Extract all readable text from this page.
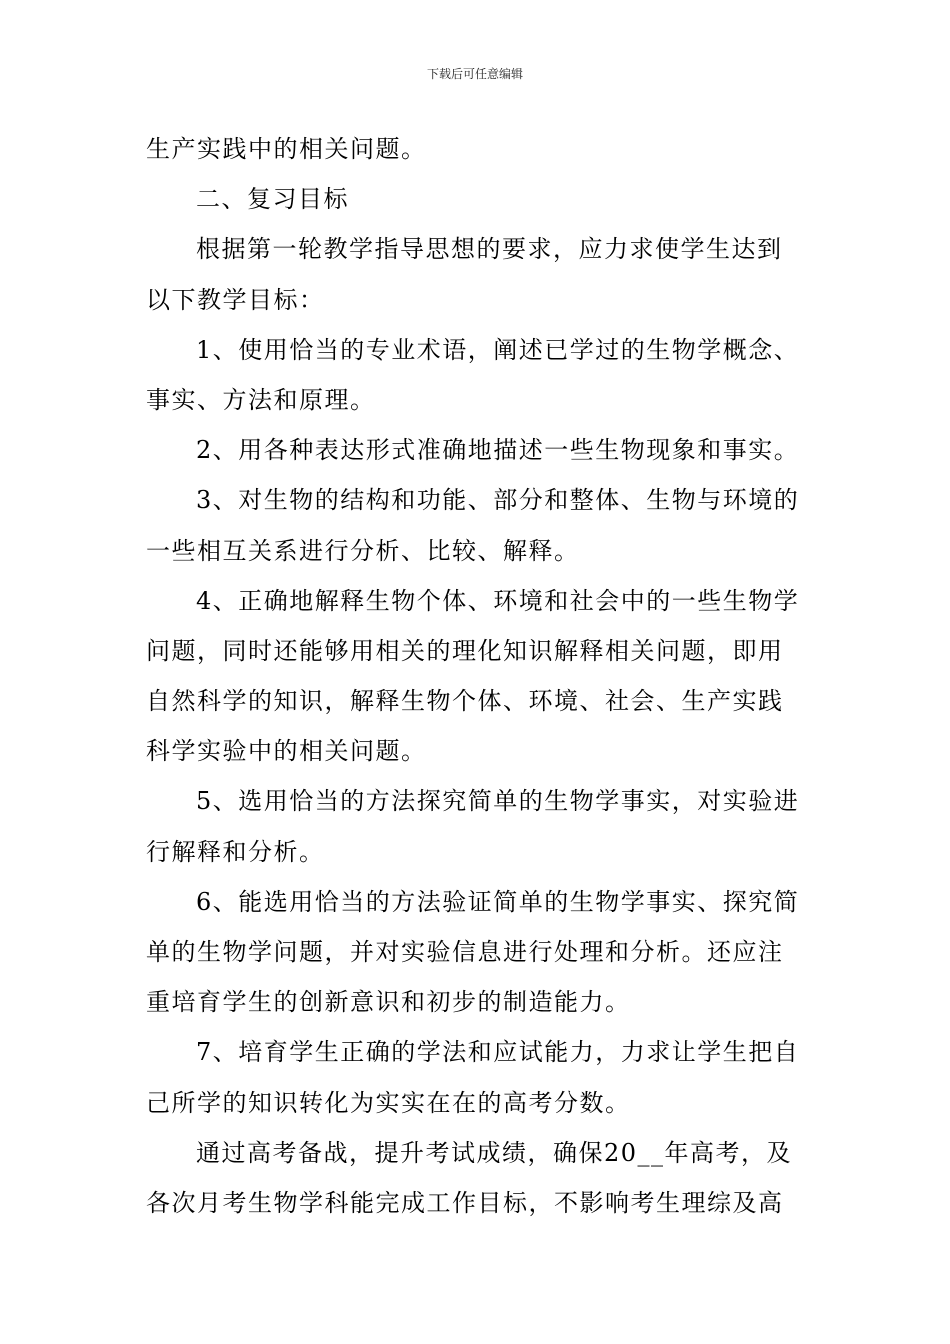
下载后可任意编辑
生产实践中的相关问题。
二、复习目标
根据第一轮教学指导思想的要求，应力求使学生达到
以下教学目标：
1、使用恰当的专业术语，阐述已学过的生物学概念、
事实、方法和原理。
2、用各种表达形式准确地描述一些生物现象和事实。
3、对生物的结构和功能、部分和整体、生物与环境的
一些相互关系进行分析、比较、解释。
4、正确地解释生物个体、环境和社会中的一些生物学
问题，同时还能够用相关的理化知识解释相关问题，即用
自然科学的知识，解释生物个体、环境、社会、生产实践
科学实验中的相关问题。
5、选用恰当的方法探究简单的生物学事实，对实验进
行解释和分析。
6、能选用恰当的方法验证简单的生物学事实、探究简
单的生物学问题，并对实验信息进行处理和分析。还应注
重培育学生的创新意识和初步的制造能力。
7、培育学生正确的学法和应试能力，力求让学生把自
己所学的知识转化为实实在在的高考分数。
通过高考备战，提升考试成绩，确保20__年高考，及
各次月考生物学科能完成工作目标，不影响考生理综及高
